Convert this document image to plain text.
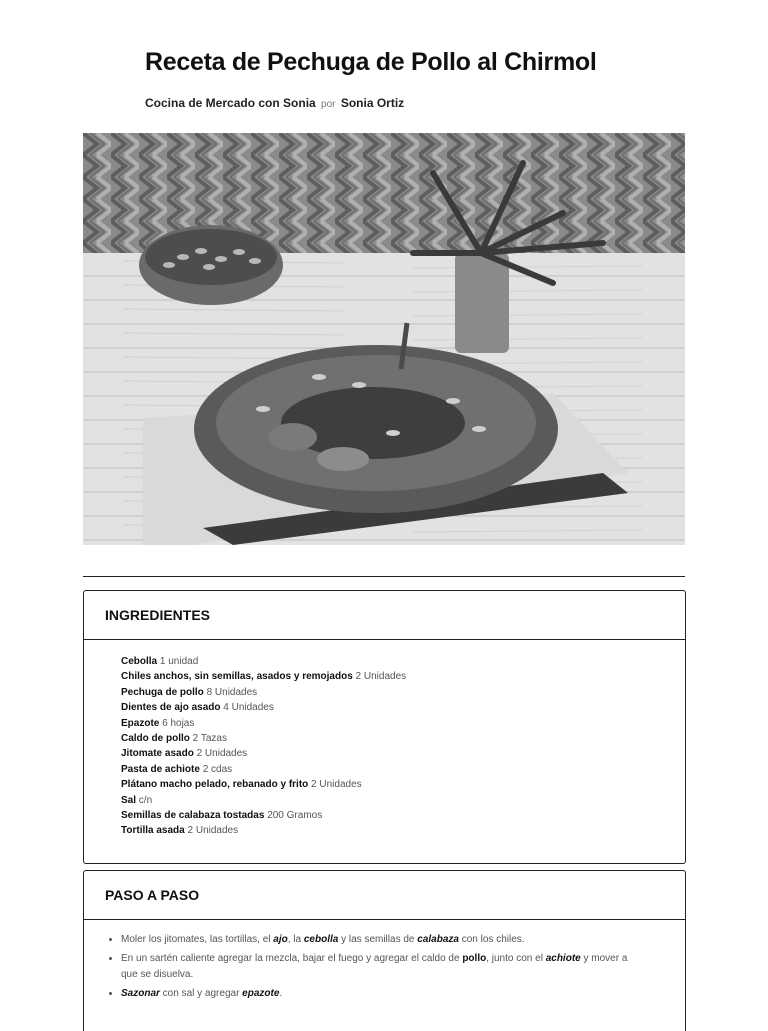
Receta de Pechuga de Pollo al Chirmol
Cocina de Mercado con Sonia por Sonia Ortiz
INGREDIENTES
Cebolla 1 unidad
Chiles anchos, sin semillas, asados y remojados 2 Unidades
Pechuga de pollo 8 Unidades
Dientes de ajo asado 4 Unidades
Epazote 6 hojas
Caldo de pollo 2 Tazas
Jitomate asado 2 Unidades
Pasta de achiote 2 cdas
Plátano macho pelado, rebanado y frito 2 Unidades
Sal c/n
Semillas de calabaza tostadas 200 Gramos
Tortilla asada 2 Unidades
PASO A PASO
• Moler los jitomates, las tortillas, el ajo, la cebolla y las semillas de calabaza con los chiles.
• En un sartén caliente agregar la mezcla, bajar el fuego y agregar el caldo de pollo, junto con el achiote y mover a que se disuelva.
• Sazonar con sal y agregar epazote.
